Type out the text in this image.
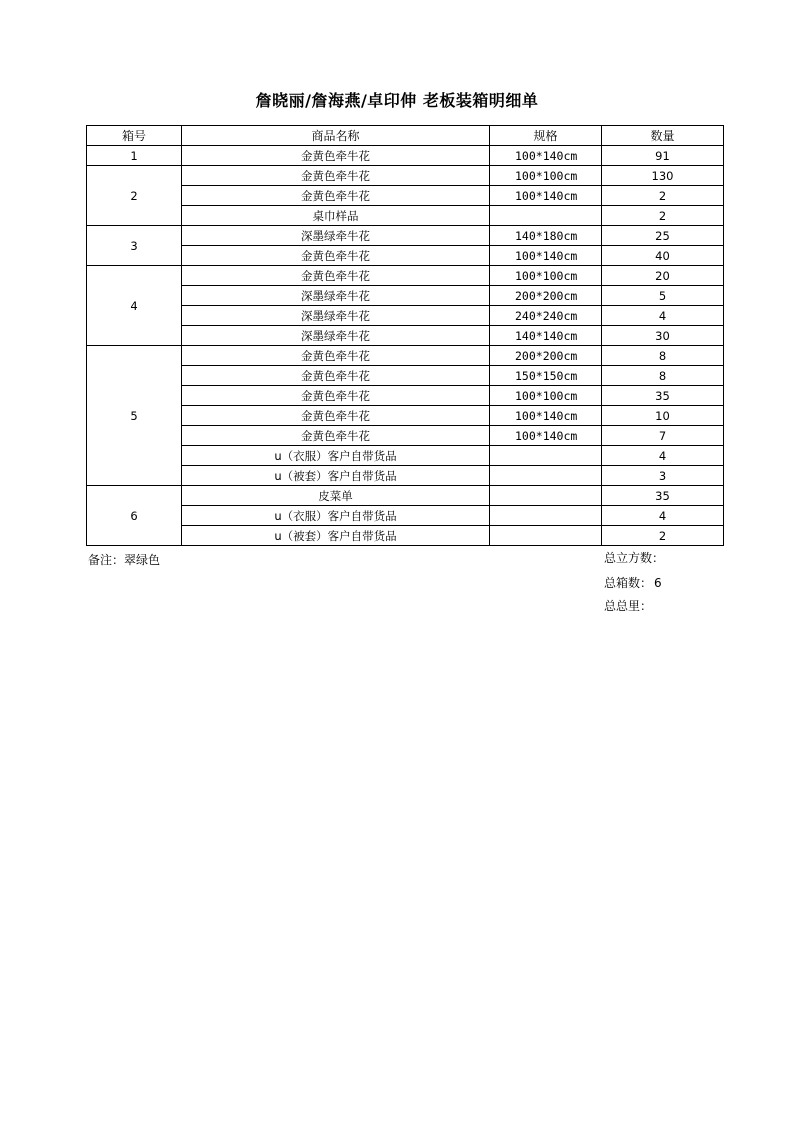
詹晓丽/詹海燕/卓印伸 老板装箱明细单
箱号	商品名称	规格	数量
1	金黄色牵牛花	100*140cm	91
2	金黄色牵牛花	100*100cm	130
	金黄色牵牛花	100*140cm	2
	桌巾样品		2
3	深墨绿牵牛花	140*180cm	25
	金黄色牵牛花	100*140cm	40
4	金黄色牵牛花	100*100cm	20
	深墨绿牵牛花	200*200cm	5
	深墨绿牵牛花	240*240cm	4
	深墨绿牵牛花	140*140cm	30
5	金黄色牵牛花	200*200cm	8
	金黄色牵牛花	150*150cm	8
	金黄色牵牛花	100*100cm	35
	金黄色牵牛花	100*140cm	10
	金黄色牵牛花	100*140cm	7
	u（衣服）客户自带货品		4
	u（被套）客户自带货品		3
6	皮菜单		35
	u（衣服）客户自带货品		4
	u（被套）客户自带货品		2
备注：翠绿色	总立方数：
总箱数： 6
总总里：
